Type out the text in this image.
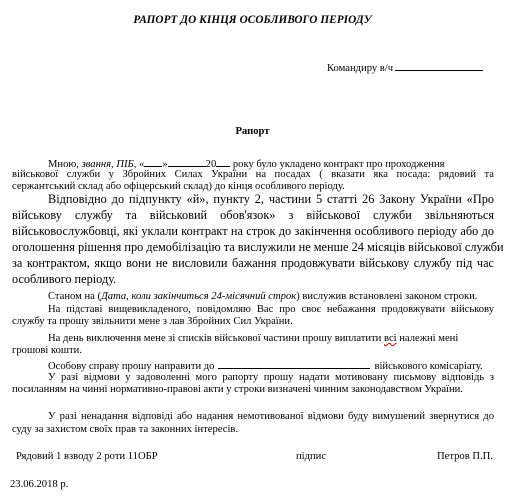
РАПОРТ ДО КІНЦЯ ОСОБЛИВОГО ПЕРІОДУ
Командиру в/ч
Рапорт
Мною, звання, ПІБ, « »	20 року було укладено контракт про проходження
військової служби у Збройних Силах України на посадах ( вказати яка посада: рядовий та
сержантський склад або офіцерський склад) до кінця особливого періоду.
Відповідно до підпункту «й», пункту 2, частини 5 статті 26 Закону України «Про
військову службу та військовий обов'язок» з військової служби звільняються
військовослужбовці, які уклали контракт на строк до закінчення особливого періоду або до
оголошення рішення про демобілізацію та вислужили не менше 24 місяців військової служби
за контрактом, якщо вони не висловили бажання продовжувати військову службу під час
особливого періоду.
Станом на (Дата, коли закінчиться 24-місячний строк) вислужив встановлені законом строки.
На підставі вищевикладеного, повідомляю Вас про своє небажання продовжувати військову
службу та прошу звільнити мене з лав Збройних Сил України.
На день виключення мене зі списків військової частини прошу виплатити всі належні мені
грошові кошти.
Особову справу прошу направити до	військового комісаріату.
У разі відмови у задоволенні мого рапорту прошу надати мотивовану письмову відповідь з
посиланням на чинні нормативно-правові акти у строки визначені чинним законодавством України.
У разі ненадання відповіді або надання немотивованої відмови буду вимушений звернутися до
суду за захистом своїх прав та законних інтересів.
Рядовий 1 взводу 2 роти 11ОБР	підпис	Петров П.П.
23.06.2018 р.
